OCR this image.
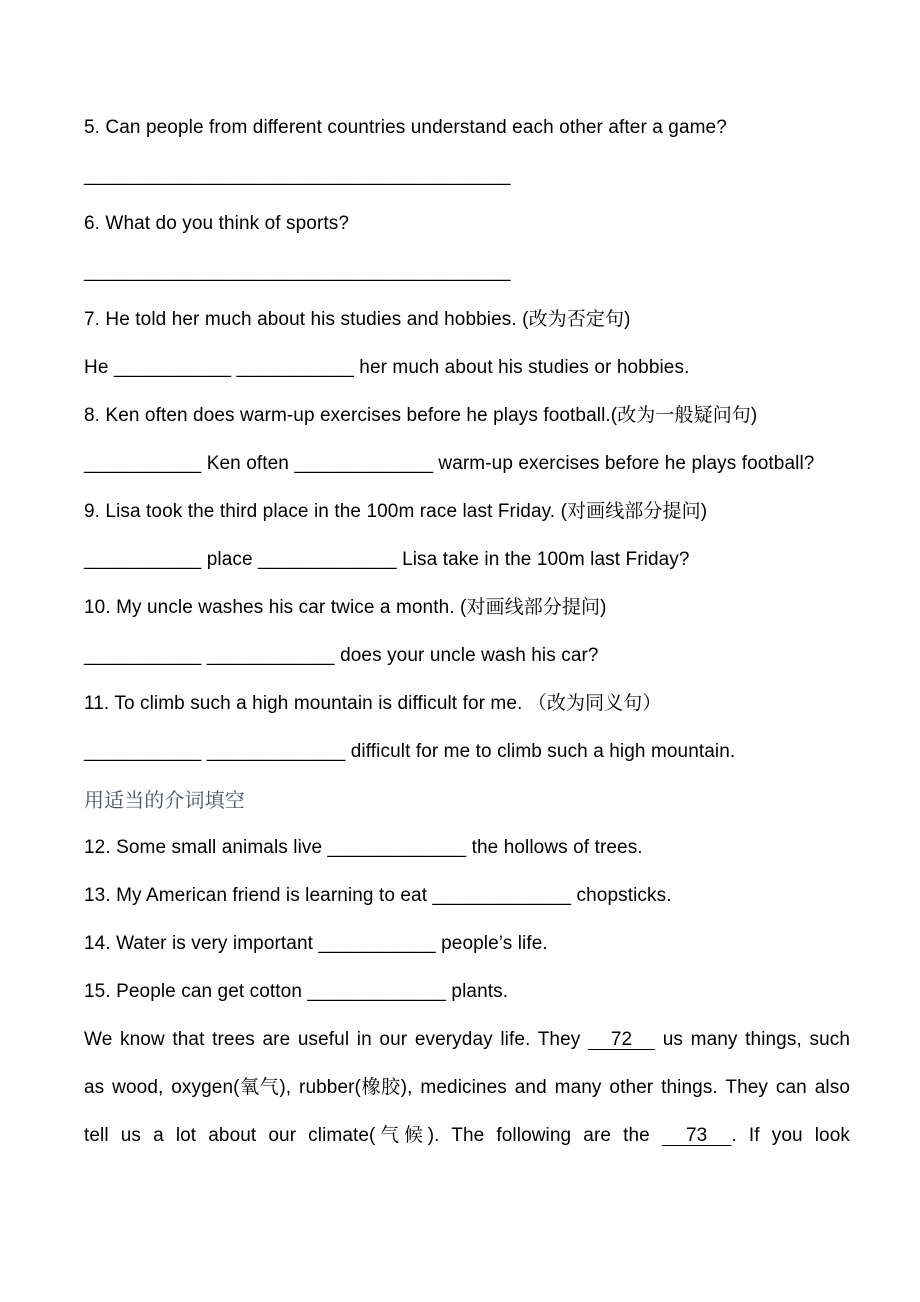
5. Can people from different countries understand each other after a game?
________________________________________
6. What do you think of sports?
________________________________________
7. He told her much about his studies and hobbies. (改为否定句)
He ___________ ___________ her much about his studies or hobbies.
8. Ken often does warm-up exercises before he plays football.(改为一般疑问句)
___________ Ken often _____________ warm-up exercises before he plays football?
9. Lisa took the third place in the 100m race last Friday. (对画线部分提问)
___________ place _____________ Lisa take in the 100m last Friday?
10. My uncle washes his car twice a month. (对画线部分提问)
___________ ____________ does your uncle wash his car?
11. To climb such a high mountain is difficult for me. （改为同义句）
___________ _____________ difficult for me to climb such a high mountain.
用适当的介词填空
12. Some small animals live _____________ the hollows of trees.
13. My American friend is learning to eat _____________ chopsticks.
14. Water is very important ___________ people’s life.
15. People can get cotton _____________ plants.

We know that trees are useful in our everyday life. They    72    us many things, such as wood, oxygen(氧气), rubber(橡胶), medicines and many other things. They can also tell us a lot about our climate(气候). The following are the   73  . If you look
